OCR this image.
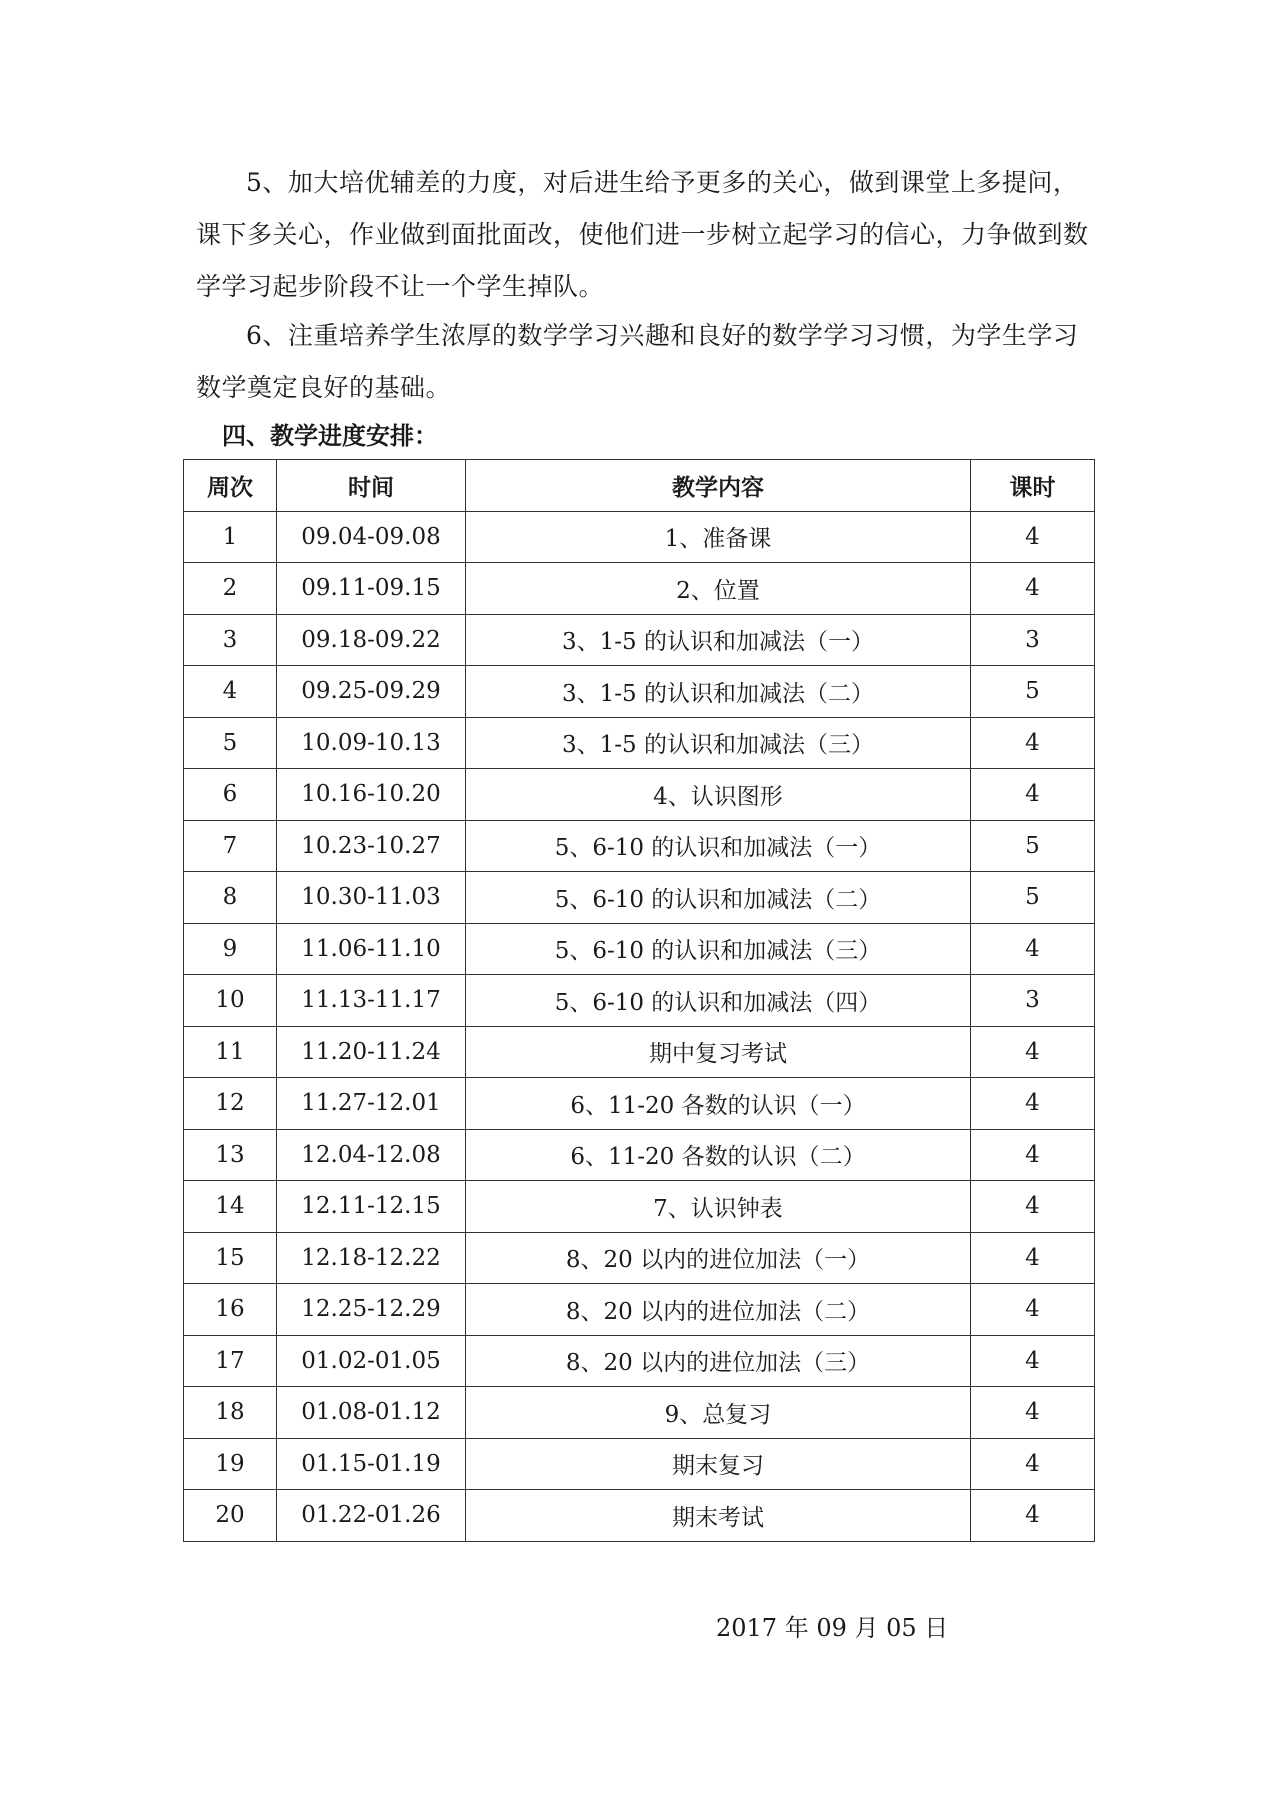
5、加大培优辅差的力度，对后进生给予更多的关心，做到课堂上多提问，课下多关心，作业做到面批面改，使他们进一步树立起学习的信心，力争做到数学学习起步阶段不让一个学生掉队。

6、注重培养学生浓厚的数学学习兴趣和良好的数学学习习惯，为学生学习数学奠定良好的基础。

四、教学进度安排：
周次	时间	教学内容	课时
1	09.04-09.08	1、准备课	4
2	09.11-09.15	2、位置	4
3	09.18-09.22	3、1-5 的认识和加减法（一）	3
4	09.25-09.29	3、1-5 的认识和加减法（二）	5
5	10.09-10.13	3、1-5 的认识和加减法（三）	4
6	10.16-10.20	4、认识图形	4
7	10.23-10.27	5、6-10 的认识和加减法（一）	5
8	10.30-11.03	5、6-10 的认识和加减法（二）	5
9	11.06-11.10	5、6-10 的认识和加减法（三）	4
10	11.13-11.17	5、6-10 的认识和加减法（四）	3
11	11.20-11.24	期中复习考试	4
12	11.27-12.01	6、11-20 各数的认识（一）	4
13	12.04-12.08	6、11-20 各数的认识（二）	4
14	12.11-12.15	7、认识钟表	4
15	12.18-12.22	8、20 以内的进位加法（一）	4
16	12.25-12.29	8、20 以内的进位加法（二）	4
17	01.02-01.05	8、20 以内的进位加法（三）	4
18	01.08-01.12	9、总复习	4
19	01.15-01.19	期末复习	4
20	01.22-01.26	期末考试	4

2017 年 09 月 05 日
